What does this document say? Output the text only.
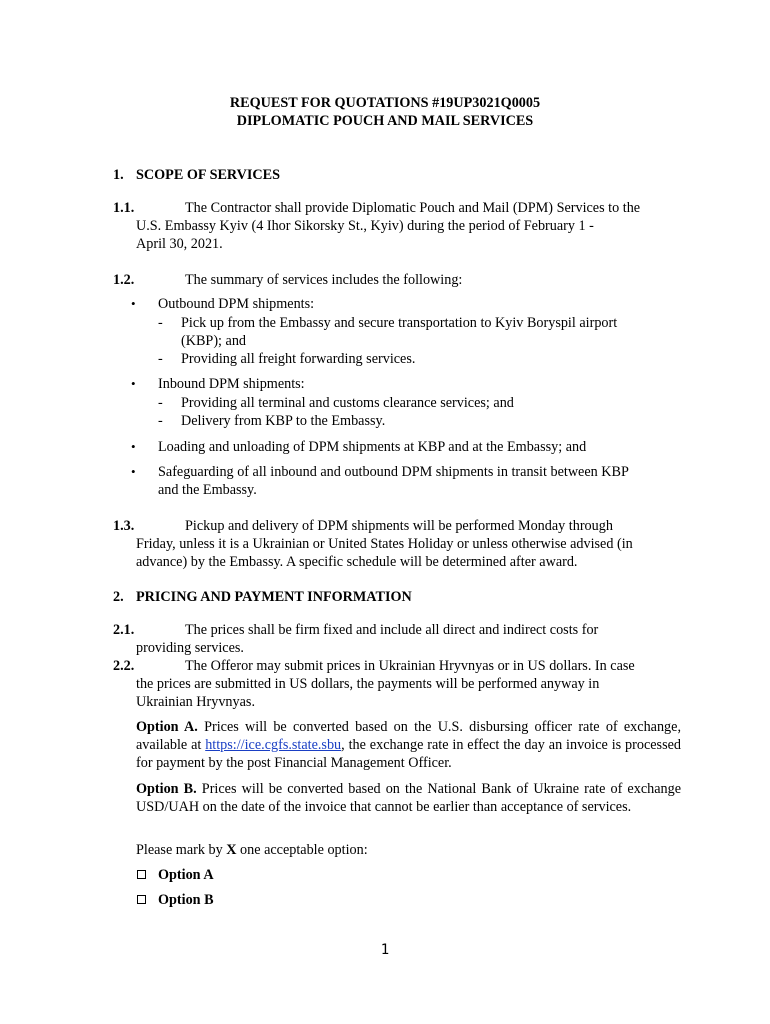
REQUEST FOR QUOTATIONS #19UP3021Q0005
DIPLOMATIC POUCH AND MAIL SERVICES
1. SCOPE OF SERVICES
1.1.	The Contractor shall provide Diplomatic Pouch and Mail (DPM) Services to the
U.S. Embassy Kyiv (4 Ihor Sikorsky St., Kyiv) during the period of February 1 -
April 30, 2021.
1.2.	The summary of services includes the following:
• Outbound DPM shipments:
- Pick up from the Embassy and secure transportation to Kyiv Boryspil airport
(KBP); and
- Providing all freight forwarding services.
• Inbound DPM shipments:
- Providing all terminal and customs clearance services; and
- Delivery from KBP to the Embassy.
• Loading and unloading of DPM shipments at KBP and at the Embassy; and
• Safeguarding of all inbound and outbound DPM shipments in transit between KBP
and the Embassy.
1.3.	Pickup and delivery of DPM shipments will be performed Monday through
Friday, unless it is a Ukrainian or United States Holiday or unless otherwise advised (in
advance) by the Embassy. A specific schedule will be determined after award.
2. PRICING AND PAYMENT INFORMATION
2.1.	The prices shall be firm fixed and include all direct and indirect costs for
providing services.
2.2.	The Offeror may submit prices in Ukrainian Hryvnyas or in US dollars. In case
the prices are submitted in US dollars, the payments will be performed anyway in
Ukrainian Hryvnyas.
Option A. Prices will be converted based on the U.S. disbursing officer rate of exchange, available at https://ice.cgfs.state.sbu, the exchange rate in effect the day an invoice is processed for payment by the post Financial Management Officer.
Option B. Prices will be converted based on the National Bank of Ukraine rate of exchange USD/UAH on the date of the invoice that cannot be earlier than acceptance of services.
Please mark by X one acceptable option:
Option A
Option B
1
